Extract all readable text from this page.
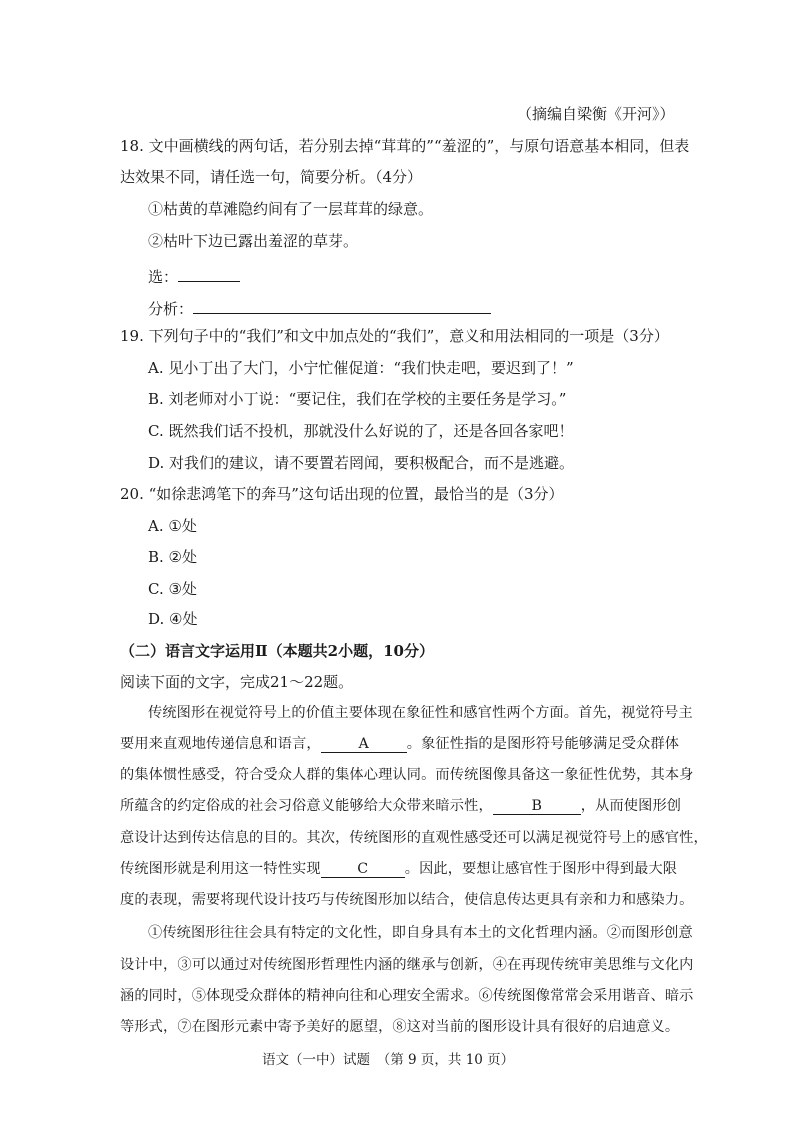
（摘编自梁衡《开河》）
18. 文中画横线的两句话，若分别去掉“茸茸的”“羞涩的”，与原句语意基本相同，但表
达效果不同，请任选一句，简要分析。（4分）
①枯黄的草滩隐约间有了一层茸茸的绿意。
②枯叶下边已露出羞涩的草芽。
选：
分析：
19. 下列句子中的“我们”和文中加点处的“我们”，意义和用法相同的一项是（3分）
A. 见小丁出了大门，小宁忙催促道：“我们快走吧，要迟到了！”
B. 刘老师对小丁说：“要记住，我们在学校的主要任务是学习。”
C. 既然我们话不投机，那就没什么好说的了，还是各回各家吧！
D. 对我们的建议，请不要置若罔闻，要积极配合，而不是逃避。
20. “如徐悲鸿笔下的奔马”这句话出现的位置，最恰当的是（3分）
A. ①处
B. ②处
C. ③处
D. ④处
（二）语言文字运用Ⅱ（本题共2小题，10分）
阅读下面的文字，完成21～22题。
传统图形在视觉符号上的价值主要体现在象征性和感官性两个方面。首先，视觉符号主
要用来直观地传递信息和语言，	A	。象征性指的是图形符号能够满足受众群体
的集体惯性感受，符合受众人群的集体心理认同。而传统图像具备这一象征性优势，其本身
所蕴含的约定俗成的社会习俗意义能够给大众带来暗示性，	B	，从而使图形创
意设计达到传达信息的目的。其次，传统图形的直观性感受还可以满足视觉符号上的感官性，
传统图形就是利用这一特性实现	C	。因此，要想让感官性于图形中得到最大限
度的表现，需要将现代设计技巧与传统图形加以结合，使信息传达更具有亲和力和感染力。
①传统图形往往会具有特定的文化性，即自身具有本土的文化哲理内涵。②而图形创意
设计中，③可以通过对传统图形哲理性内涵的继承与创新，④在再现传统审美思维与文化内
涵的同时，⑤体现受众群体的精神向往和心理安全需求。⑥传统图像常常会采用谐音、暗示
等形式，⑦在图形元素中寄予美好的愿望，⑧这对当前的图形设计具有很好的启迪意义。
语文（一中）试题　（第 9 页，共 10 页）
